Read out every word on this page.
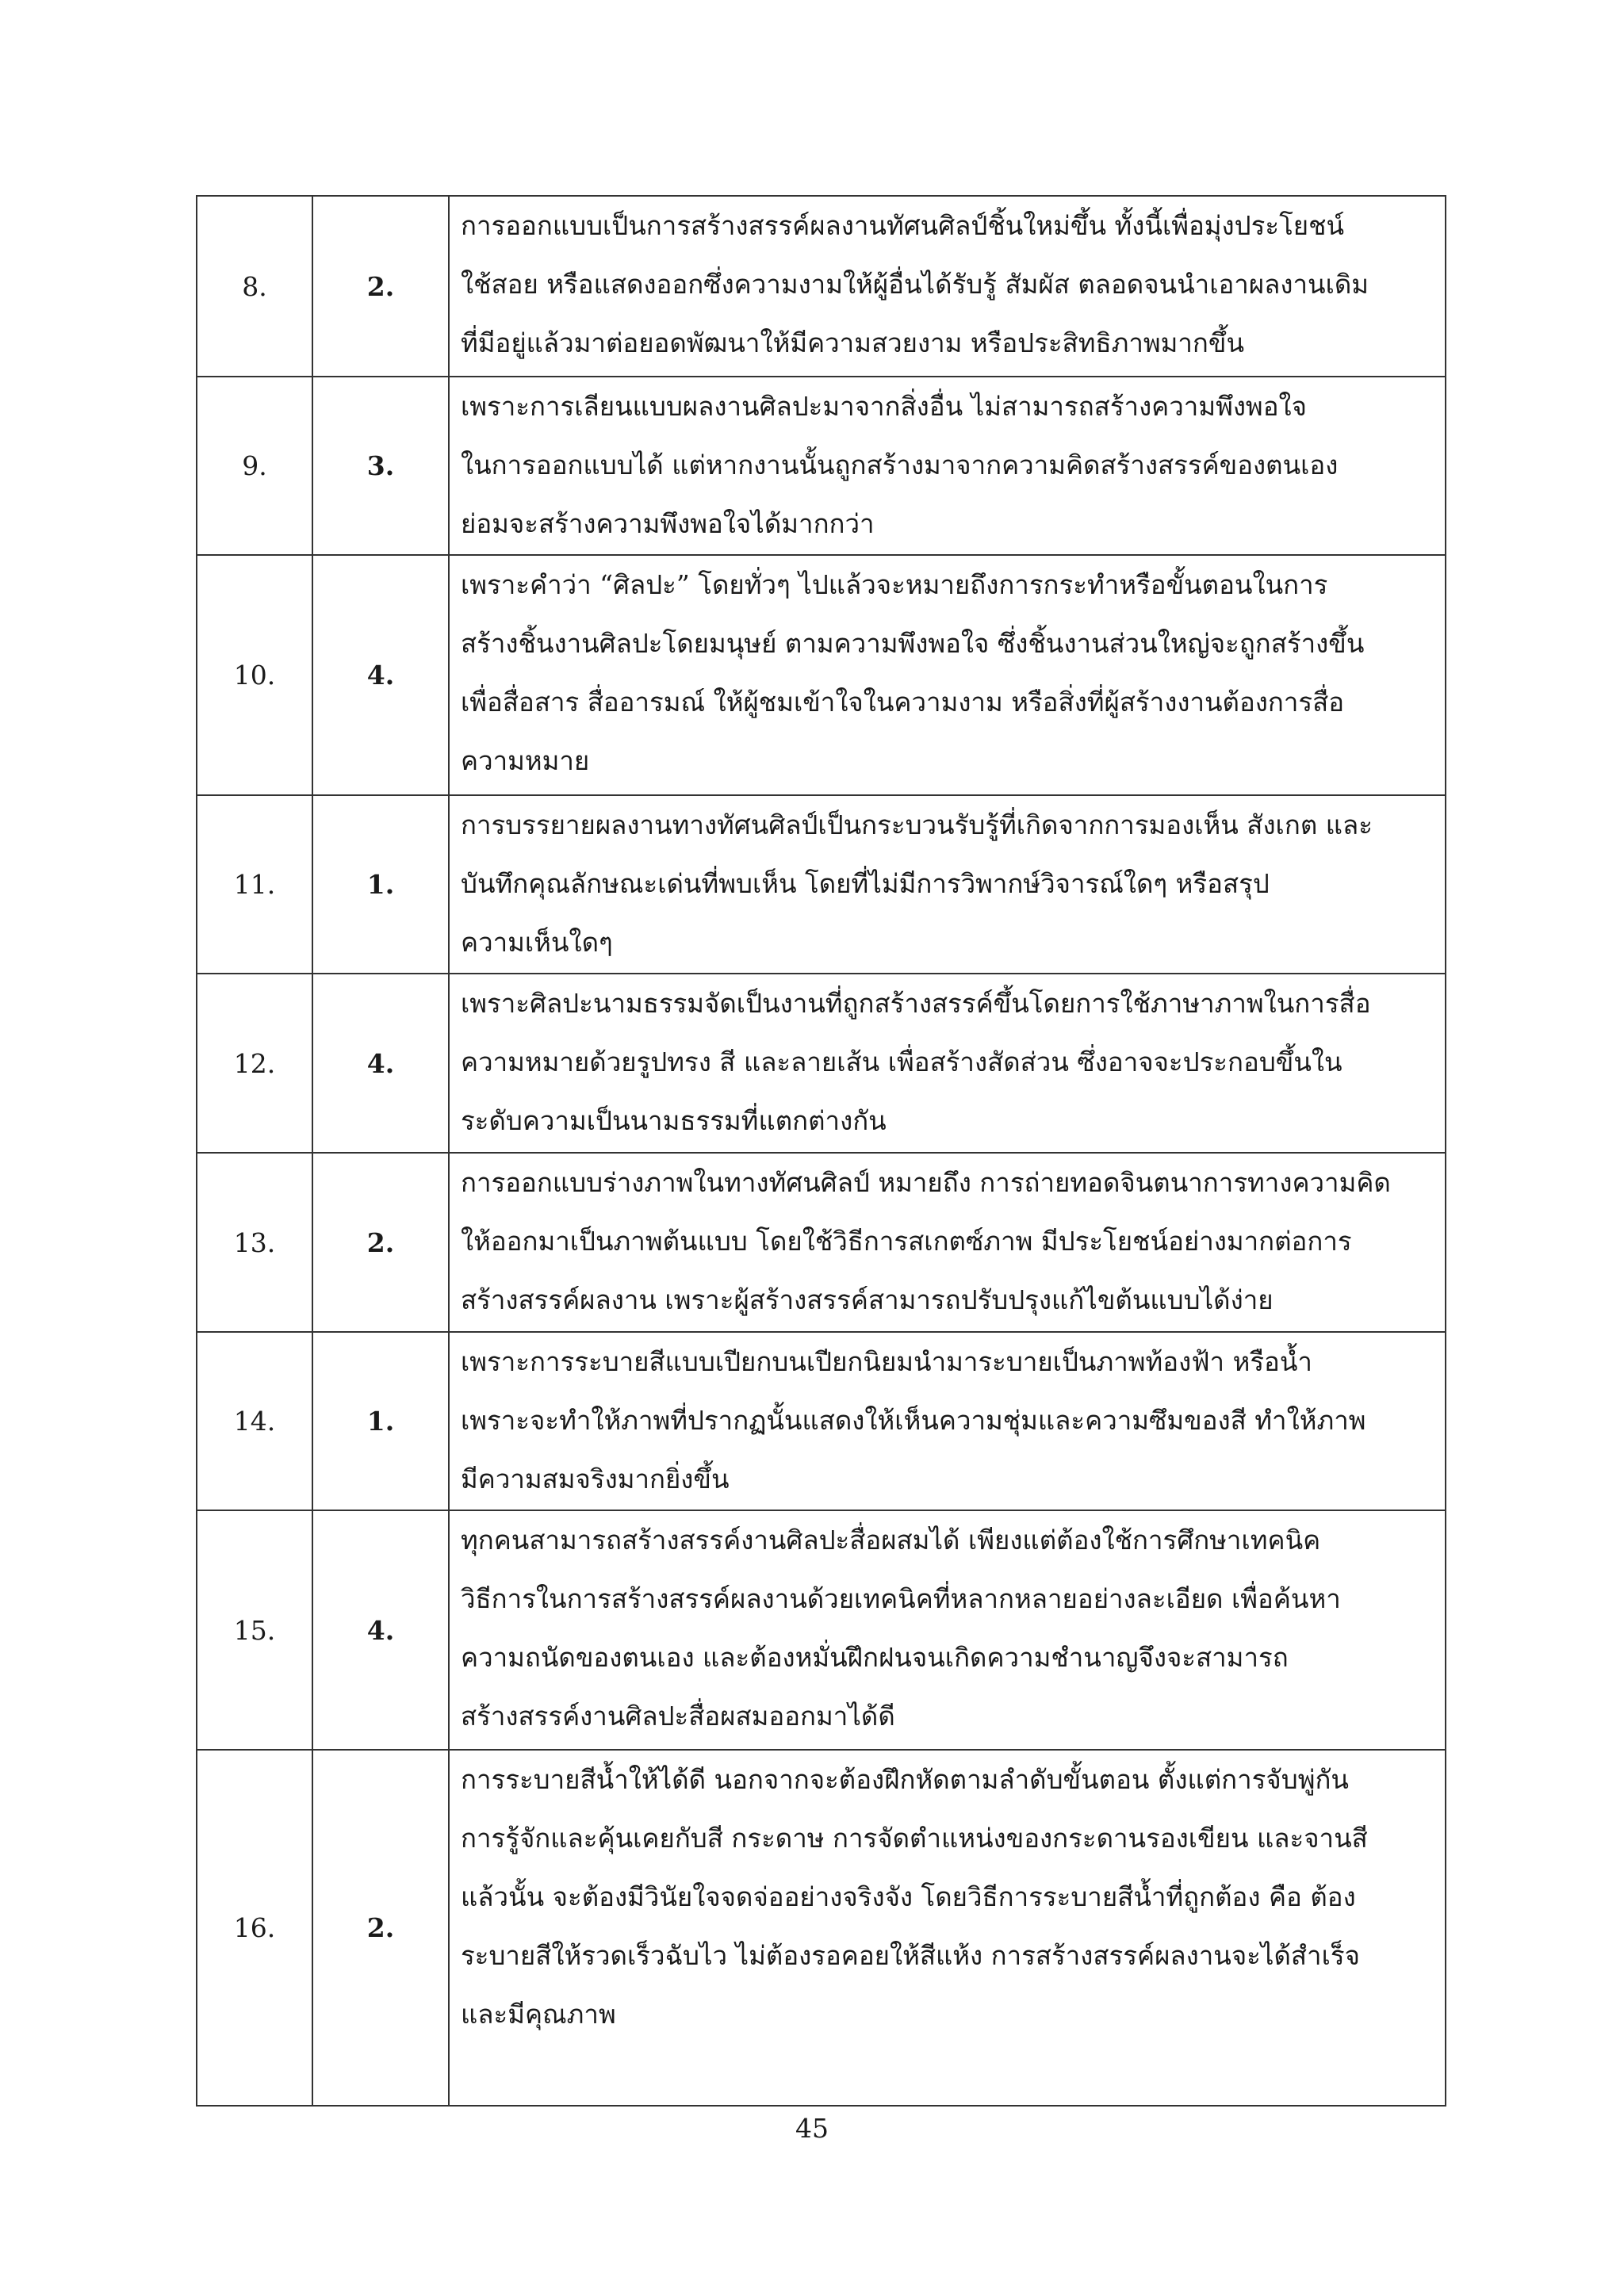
8.	2.	การออกแบบเป็นการสร้างสรรค์ผลงานทัศนศิลป์ชิ้นใหม่ขึ้น ทั้งนี้เพื่อมุ่งประโยชน์
ใช้สอย หรือแสดงออกซึ่งความงามให้ผู้อื่นได้รับรู้ สัมผัส ตลอดจนนำเอาผลงานเดิม
ที่มีอยู่แล้วมาต่อยอดพัฒนาให้มีความสวยงาม หรือประสิทธิภาพมากขึ้น

9.	3.	เพราะการเลียนแบบผลงานศิลปะมาจากสิ่งอื่น ไม่สามารถสร้างความพึงพอใจ
ในการออกแบบได้ แต่หากงานนั้นถูกสร้างมาจากความคิดสร้างสรรค์ของตนเอง
ย่อมจะสร้างความพึงพอใจได้มากกว่า

10.	4.	เพราะคำว่า “ศิลปะ” โดยทั่วๆ ไปแล้วจะหมายถึงการกระทำหรือขั้นตอนในการ
สร้างชิ้นงานศิลปะโดยมนุษย์ ตามความพึงพอใจ ซึ่งชิ้นงานส่วนใหญ่จะถูกสร้างขึ้น
เพื่อสื่อสาร สื่ออารมณ์ ให้ผู้ชมเข้าใจในความงาม หรือสิ่งที่ผู้สร้างงานต้องการสื่อ
ความหมาย

11.	1.	การบรรยายผลงานทางทัศนศิลป์เป็นกระบวนรับรู้ที่เกิดจากการมองเห็น สังเกต และ
บันทึกคุณลักษณะเด่นที่พบเห็น โดยที่ไม่มีการวิพากษ์วิจารณ์ใดๆ หรือสรุป
ความเห็นใดๆ

12.	4.	เพราะศิลปะนามธรรมจัดเป็นงานที่ถูกสร้างสรรค์ขึ้นโดยการใช้ภาษาภาพในการสื่อ
ความหมายด้วยรูปทรง สี และลายเส้น เพื่อสร้างสัดส่วน ซึ่งอาจจะประกอบขึ้นใน
ระดับความเป็นนามธรรมที่แตกต่างกัน

13.	2.	การออกแบบร่างภาพในทางทัศนศิลป์ หมายถึง การถ่ายทอดจินตนาการทางความคิด
ให้ออกมาเป็นภาพต้นแบบ โดยใช้วิธีการสเกตซ์ภาพ มีประโยชน์อย่างมากต่อการ
สร้างสรรค์ผลงาน เพราะผู้สร้างสรรค์สามารถปรับปรุงแก้ไขต้นแบบได้ง่าย

14.	1.	เพราะการระบายสีแบบเปียกบนเปียกนิยมนำมาระบายเป็นภาพท้องฟ้า หรือน้ำ
เพราะจะทำให้ภาพที่ปรากฏนั้นแสดงให้เห็นความชุ่มและความซึมของสี ทำให้ภาพ
มีความสมจริงมากยิ่งขึ้น

15.	4.	ทุกคนสามารถสร้างสรรค์งานศิลปะสื่อผสมได้ เพียงแต่ต้องใช้การศึกษาเทคนิค
วิธีการในการสร้างสรรค์ผลงานด้วยเทคนิคที่หลากหลายอย่างละเอียด เพื่อค้นหา
ความถนัดของตนเอง และต้องหมั่นฝึกฝนจนเกิดความชำนาญจึงจะสามารถ
สร้างสรรค์งานศิลปะสื่อผสมออกมาได้ดี

16.	2.	การระบายสีน้ำให้ได้ดี นอกจากจะต้องฝึกหัดตามลำดับขั้นตอน ตั้งแต่การจับพู่กัน
การรู้จักและคุ้นเคยกับสี กระดาษ การจัดตำแหน่งของกระดานรองเขียน และจานสี
แล้วนั้น จะต้องมีวินัยใจจดจ่ออย่างจริงจัง โดยวิธีการระบายสีน้ำที่ถูกต้อง คือ ต้อง
ระบายสีให้รวดเร็วฉับไว ไม่ต้องรอคอยให้สีแห้ง การสร้างสรรค์ผลงานจะได้สำเร็จ
และมีคุณภาพ
45
